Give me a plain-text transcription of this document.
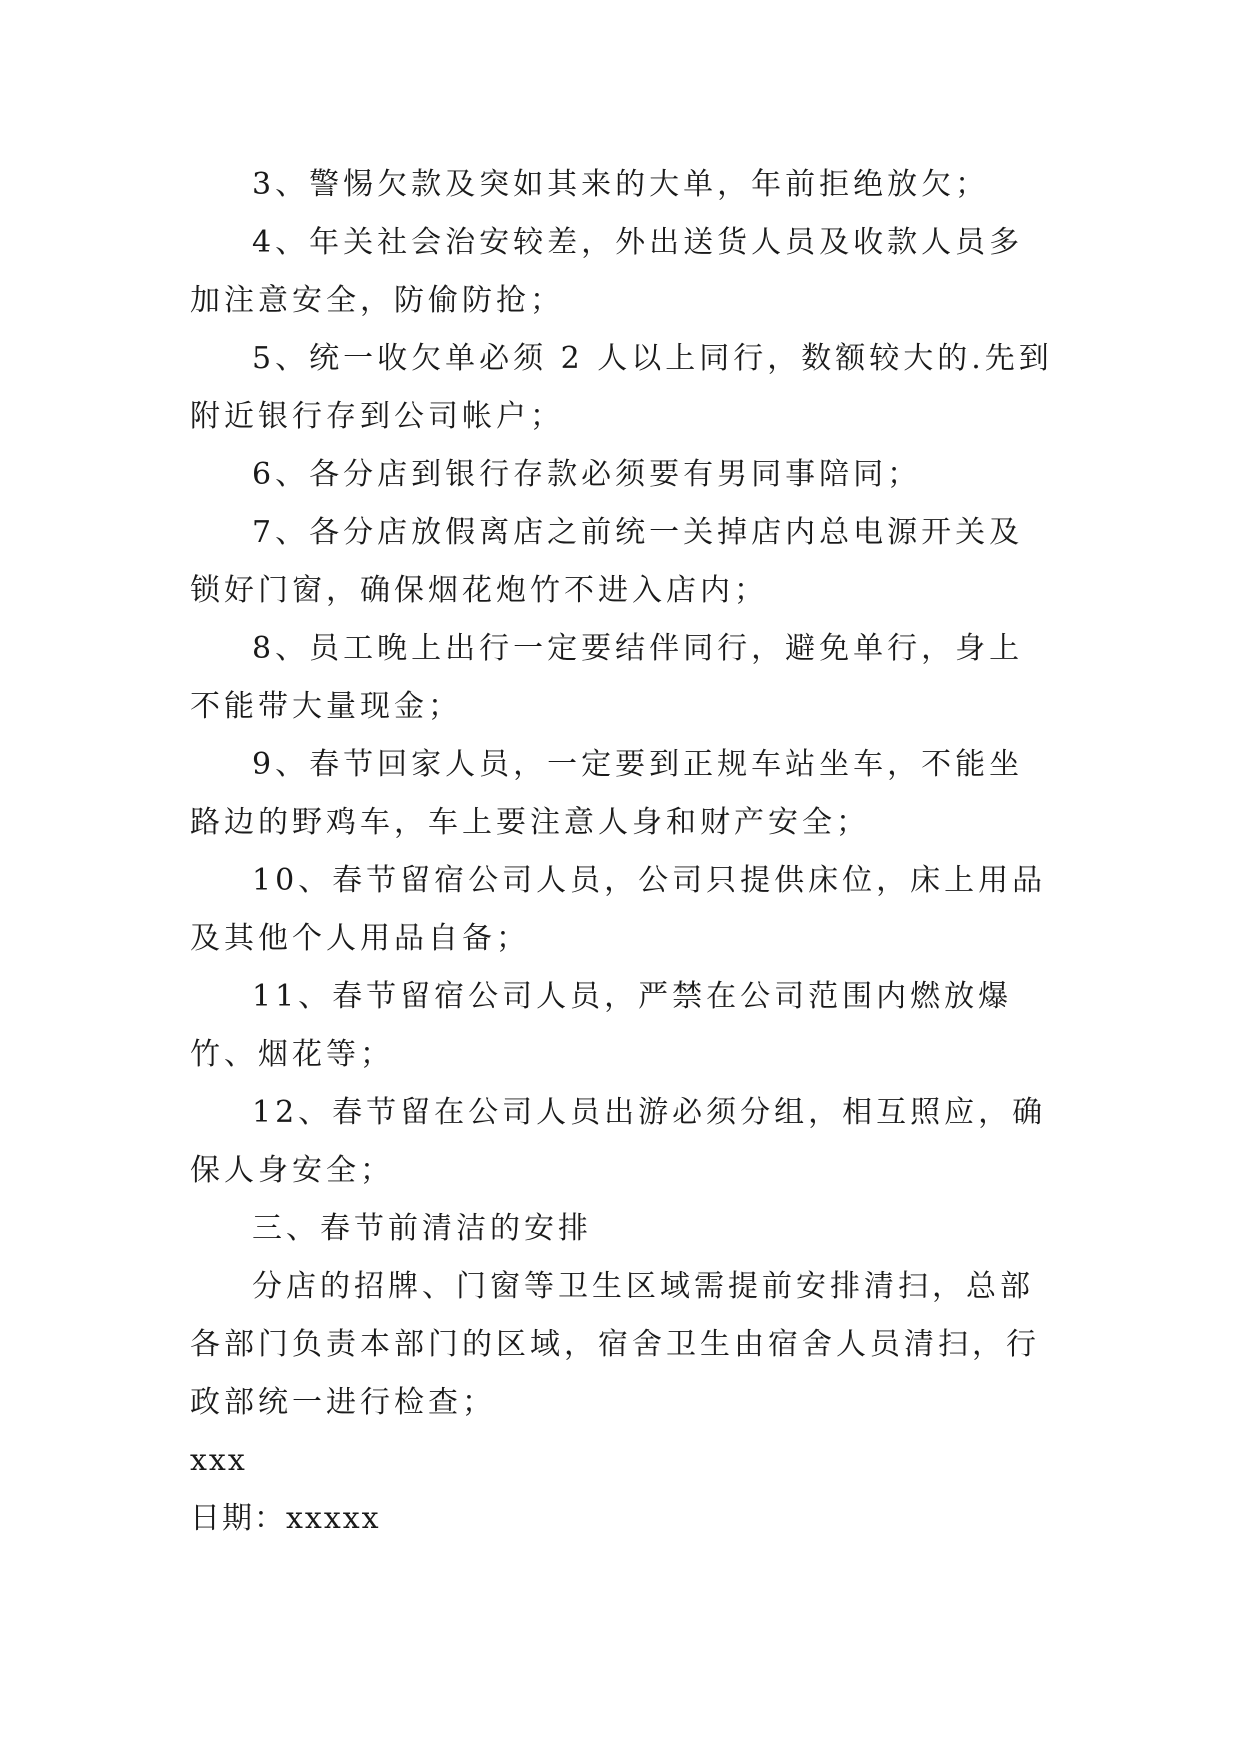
3、警惕欠款及突如其来的大单，年前拒绝放欠；

4、年关社会治安较差，外出送货人员及收款人员多加注意安全，防偷防抢；

5、统一收欠单必须 2 人以上同行，数额较大的.先到附近银行存到公司帐户；

6、各分店到银行存款必须要有男同事陪同；

7、各分店放假离店之前统一关掉店内总电源开关及锁好门窗，确保烟花炮竹不进入店内；

8、员工晚上出行一定要结伴同行，避免单行，身上不能带大量现金；

9、春节回家人员，一定要到正规车站坐车，不能坐路边的野鸡车，车上要注意人身和财产安全；

10、春节留宿公司人员，公司只提供床位，床上用品及其他个人用品自备；

11、春节留宿公司人员，严禁在公司范围内燃放爆竹、烟花等；

12、春节留在公司人员出游必须分组，相互照应，确保人身安全；

三、春节前清洁的安排

分店的招牌、门窗等卫生区域需提前安排清扫，总部各部门负责本部门的区域，宿舍卫生由宿舍人员清扫，行政部统一进行检查；

xxx

日期：xxxxx
